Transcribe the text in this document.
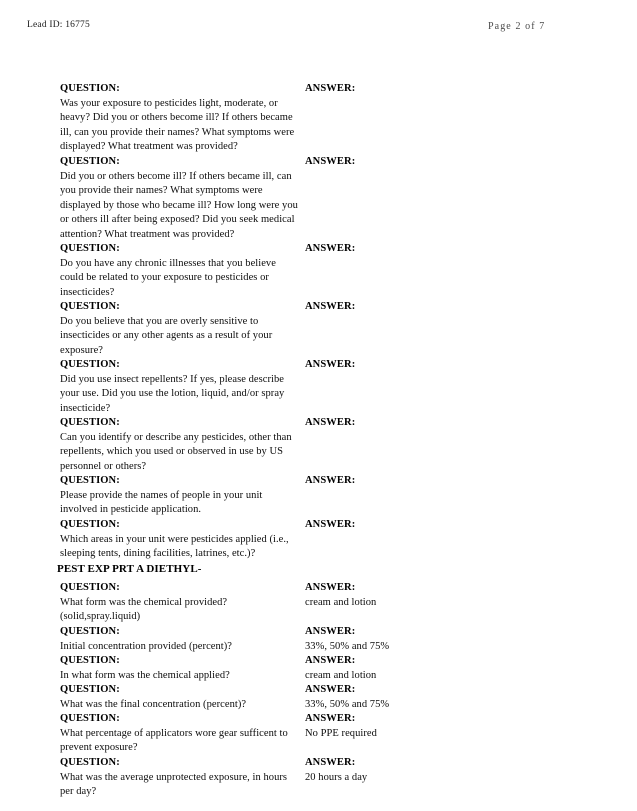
Lead ID: 16775	Page 2 of 7
QUESTION:
Was your exposure to pesticides light, moderate, or heavy? Did you or others become ill? If others became ill, can you provide their names? What symptoms were displayed? What treatment was provided?
ANSWER:
QUESTION:
Did you or others become ill? If others became ill, can you provide their names? What symptoms were displayed by those who became ill? How long were you or others ill after being exposed? Did you seek medical attention? What treatment was provided?
ANSWER:
QUESTION:
Do you have any chronic illnesses that you believe could be related to your exposure to pesticides or insecticides?
ANSWER:
QUESTION:
Do you believe that you are overly sensitive to insecticides or any other agents as a result of your exposure?
ANSWER:
QUESTION:
Did you use insect repellents? If yes, please describe your use. Did you use the lotion, liquid, and/or spray insecticide?
ANSWER:
QUESTION:
Can you identify or describe any pesticides, other than repellents, which you used or observed in use by US personnel or others?
ANSWER:
QUESTION:
Please provide the names of people in your unit involved in pesticide application.
ANSWER:
QUESTION:
Which areas in your unit were pesticides applied (i.e., sleeping tents, dining facilities, latrines, etc.)?
ANSWER:
PEST EXP PRT A DIETHYL-
QUESTION:
What form was the chemical provided?(solid,spray.liquid)
ANSWER:
cream and lotion
QUESTION:
Initial concentration provided (percent)?
ANSWER:
33%, 50% and 75%
QUESTION:
In what form was the chemical applied?
ANSWER:
cream and lotion
QUESTION:
What was the final concentration (percent)?
ANSWER:
33%, 50% and 75%
QUESTION:
What percentage of applicators wore gear sufficent to prevent exposure?
ANSWER:
No PPE required
QUESTION:
What was the average unprotected exposure, in hours per day?
ANSWER:
20 hours a day
